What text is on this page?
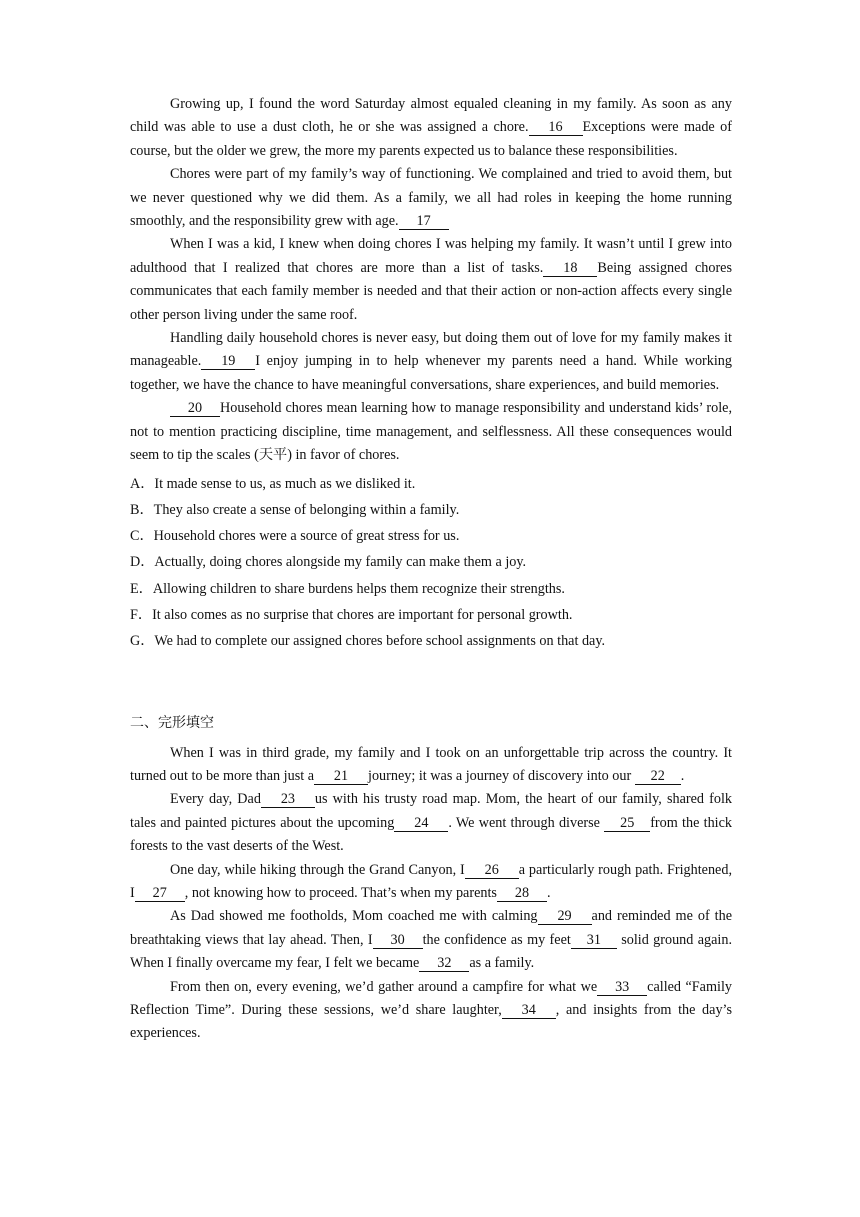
Growing up, I found the word Saturday almost equaled cleaning in my family. As soon as any child was able to use a dust cloth, he or she was assigned a chore. 16 Exceptions were made of course, but the older we grew, the more my parents expected us to balance these responsibilities.

Chores were part of my family’s way of functioning. We complained and tried to avoid them, but we never questioned why we did them. As a family, we all had roles in keeping the home running smoothly, and the responsibility grew with age. 17

When I was a kid, I knew when doing chores I was helping my family. It wasn’t until I grew into adulthood that I realized that chores are more than a list of tasks. 18 Being assigned chores communicates that each family member is needed and that their action or non-action affects every single other person living under the same roof.

Handling daily household chores is never easy, but doing them out of love for my family makes it manageable. 19 I enjoy jumping in to help whenever my parents need a hand. While working together, we have the chance to have meaningful conversations, share experiences, and build memories.

20 Household chores mean learning how to manage responsibility and understand kids’ role, not to mention practicing discipline, time management, and selflessness. All these consequences would seem to tip the scales (天平) in favor of chores.

A．It made sense to us, as much as we disliked it.

B．They also create a sense of belonging within a family.

C．Household chores were a source of great stress for us.

D．Actually, doing chores alongside my family can make them a joy.

E．Allowing children to share burdens helps them recognize their strengths.

F．It also comes as no surprise that chores are important for personal growth.

G．We had to complete our assigned chores before school assignments on that day.

二、完形填空

When I was in third grade, my family and I took on an unforgettable trip across the country. It turned out to be more than just a 21 journey; it was a journey of discovery into our 22 .

Every day, Dad 23 us with his trusty road map. Mom, the heart of our family, shared folk tales and painted pictures about the upcoming 24 . We went through diverse 25 from the thick forests to the vast deserts of the West.

One day, while hiking through the Grand Canyon, I 26 a particularly rough path. Frightened, I 27 , not knowing how to proceed. That’s when my parents 28 .

As Dad showed me footholds, Mom coached me with calming 29 and reminded me of the breathtaking views that lay ahead. Then, I 30 the confidence as my feet 31 solid ground again. When I finally overcame my fear, I felt we became 32 as a family.

From then on, every evening, we’d gather around a campfire for what we 33 called “Family Reflection Time”. During these sessions, we’d share laughter, 34 , and insights from the day’s experiences.
